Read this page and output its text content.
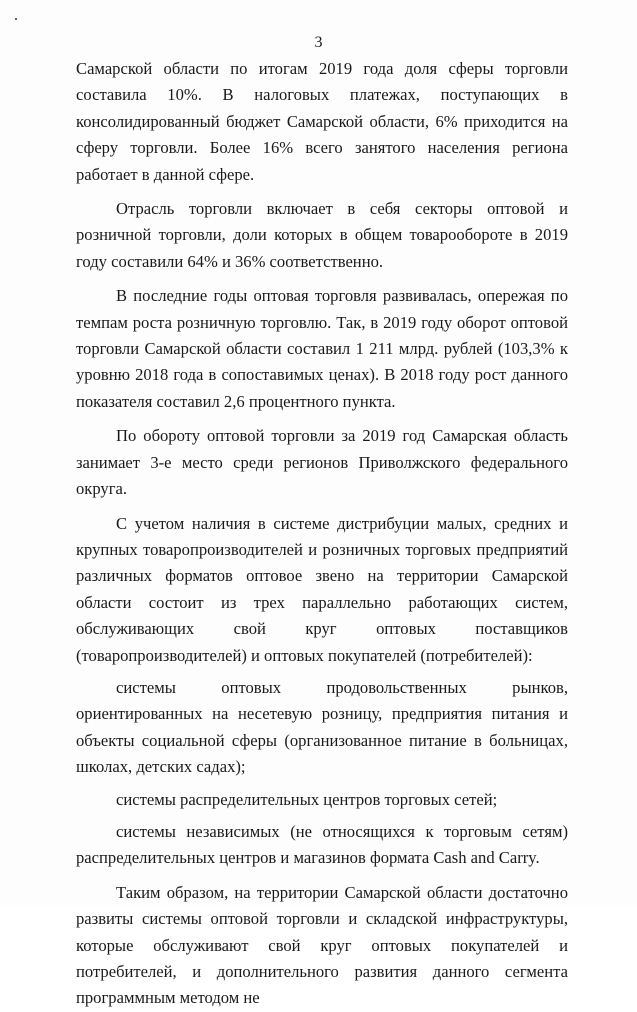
3

Самарской области по итогам 2019 года доля сферы торговли составила 10%. В налоговых платежах, поступающих в консолидированный бюджет Самарской области, 6% приходится на сферу торговли. Более 16% всего занятого населения региона работает в данной сфере.

Отрасль торговли включает в себя секторы оптовой и розничной торговли, доли которых в общем товарообороте в 2019 году составили 64% и 36% соответственно.

В последние годы оптовая торговля развивалась, опережая по темпам роста розничную торговлю. Так, в 2019 году оборот оптовой торговли Самарской области составил 1 211 млрд. рублей (103,3% к уровню 2018 года в сопоставимых ценах). В 2018 году рост данного показателя составил 2,6 процентного пункта.

По обороту оптовой торговли за 2019 год Самарская область занимает 3-е место среди регионов Приволжского федерального округа.

С учетом наличия в системе дистрибуции малых, средних и крупных товаропроизводителей и розничных торговых предприятий различных форматов оптовое звено на территории Самарской области состоит из трех параллельно работающих систем, обслуживающих свой круг оптовых поставщиков (товаропроизводителей) и оптовых покупателей (потребителей):

системы оптовых продовольственных рынков, ориентированных на несетевую розницу, предприятия питания и объекты социальной сферы (организованное питание в больницах, школах, детских садах);

системы распределительных центров торговых сетей;

системы независимых (не относящихся к торговым сетям) распределительных центров и магазинов формата Cash and Carry.

Таким образом, на территории Самарской области достаточно развиты системы оптовой торговли и складской инфраструктуры, которые обслуживают свой круг оптовых покупателей и потребителей, и дополнительного развития данного сегмента программным методом не
